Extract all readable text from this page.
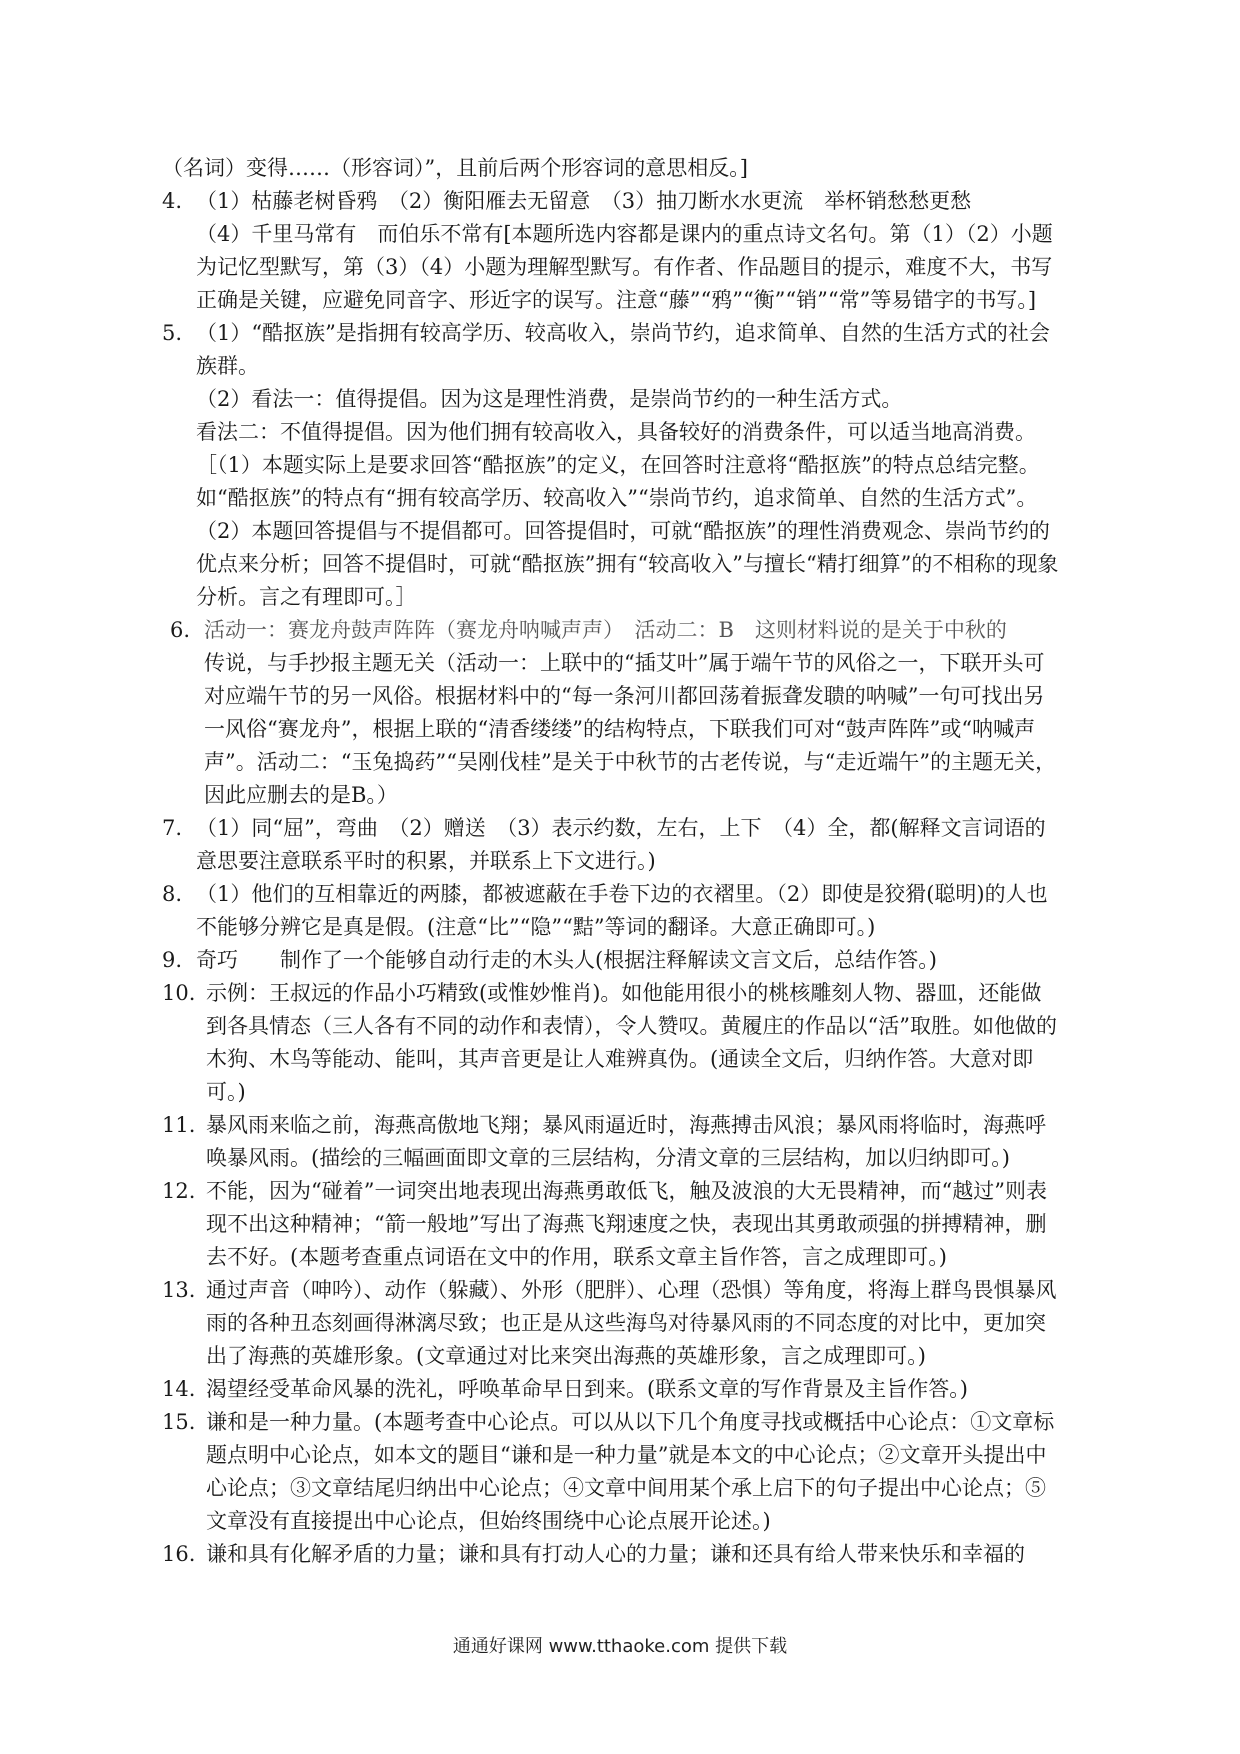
（名词）变得……（形容词）”，且前后两个形容词的意思相反。]

4. （1）枯藤老树昏鸦　（2）衡阳雁去无留意　（3）抽刀断水水更流　举杯销愁愁更愁

（4）千里马常有　而伯乐不常有[本题所选内容都是课内的重点诗文名句。第（1）（2）小题为记忆型默写，第（3）（4）小题为理解型默写。有作者、作品题目的提示，难度不大，书写正确是关键，应避免同音字、形近字的误写。注意“藤”“鸦”“衡”“销”“常”等易错字的书写。]

5. （1）“酷抠族”是指拥有较高学历、较高收入，崇尚节约，追求简单、自然的生活方式的社会族群。

（2）看法一：值得提倡。因为这是理性消费，是崇尚节约的一种生活方式。

看法二：不值得提倡。因为他们拥有较高收入，具备较好的消费条件，可以适当地高消费。

［（1）本题实际上是要求回答“酷抠族”的定义，在回答时注意将“酷抠族”的特点总结完整。如“酷抠族”的特点有“拥有较高学历、较高收入”“崇尚节约，追求简单、自然的生活方式”。（2）本题回答提倡与不提倡都可。回答提倡时，可就“酷抠族”的理性消费观念、崇尚节约的优点来分析；回答不提倡时，可就“酷抠族”拥有“较高收入”与擅长“精打细算”的不相称的现象分析。言之有理即可。］

6. 活动一：赛龙舟鼓声阵阵（赛龙舟呐喊声声）　活动二：B　这则材料说的是关于中秋的

传说，与手抄报主题无关（活动一：上联中的“插艾叶”属于端午节的风俗之一，下联开头可对应端午节的另一风俗。根据材料中的“每一条河川都回荡着振聋发聩的呐喊”一句可找出另一风俗“赛龙舟”，根据上联的“清香缕缕”的结构特点，下联我们可对“鼓声阵阵”或“呐喊声声”。活动二：“玉兔捣药”“吴刚伐桂”是关于中秋节的古老传说，与“走近端午”的主题无关，因此应删去的是B。）

7. （1）同“屈”，弯曲　（2）赠送　（3）表示约数，左右，上下　（4）全，都(解释文言词语的意思要注意联系平时的积累，并联系上下文进行。)

8. （1）他们的互相靠近的两膝，都被遮蔽在手卷下边的衣褶里。（2）即使是狡猾(聪明)的人也不能够分辨它是真是假。(注意“比”“隐”“黠”等词的翻译。大意正确即可。)

9. 奇巧　　制作了一个能够自动行走的木头人(根据注释解读文言文后，总结作答。)

10. 示例：王叔远的作品小巧精致(或惟妙惟肖)。如他能用很小的桃核雕刻人物、器皿，还能做到各具情态（三人各有不同的动作和表情），令人赞叹。黄履庄的作品以“活”取胜。如他做的木狗、木鸟等能动、能叫，其声音更是让人难辨真伪。(通读全文后，归纳作答。大意对即可。)

11. 暴风雨来临之前，海燕高傲地飞翔；暴风雨逼近时，海燕搏击风浪；暴风雨将临时，海燕呼唤暴风雨。(描绘的三幅画面即文章的三层结构，分清文章的三层结构，加以归纳即可。)

12. 不能，因为“碰着”一词突出地表现出海燕勇敢低飞，触及波浪的大无畏精神，而“越过”则表现不出这种精神；“箭一般地”写出了海燕飞翔速度之快，表现出其勇敢顽强的拼搏精神，删去不好。(本题考查重点词语在文中的作用，联系文章主旨作答，言之成理即可。)

13. 通过声音（呻吟）、动作（躲藏）、外形（肥胖）、心理（恐惧）等角度，将海上群鸟畏惧暴风雨的各种丑态刻画得淋漓尽致；也正是从这些海鸟对待暴风雨的不同态度的对比中，更加突出了海燕的英雄形象。(文章通过对比来突出海燕的英雄形象，言之成理即可。)

14. 渴望经受革命风暴的洗礼，呼唤革命早日到来。(联系文章的写作背景及主旨作答。)

15. 谦和是一种力量。(本题考查中心论点。可以从以下几个角度寻找或概括中心论点：①文章标题点明中心论点，如本文的题目“谦和是一种力量”就是本文的中心论点；②文章开头提出中心论点；③文章结尾归纳出中心论点；④文章中间用某个承上启下的句子提出中心论点；⑤文章没有直接提出中心论点，但始终围绕中心论点展开论述。)

16. 谦和具有化解矛盾的力量；谦和具有打动人心的力量；谦和还具有给人带来快乐和幸福的

通通好课网 www.tthaoke.com 提供下载
